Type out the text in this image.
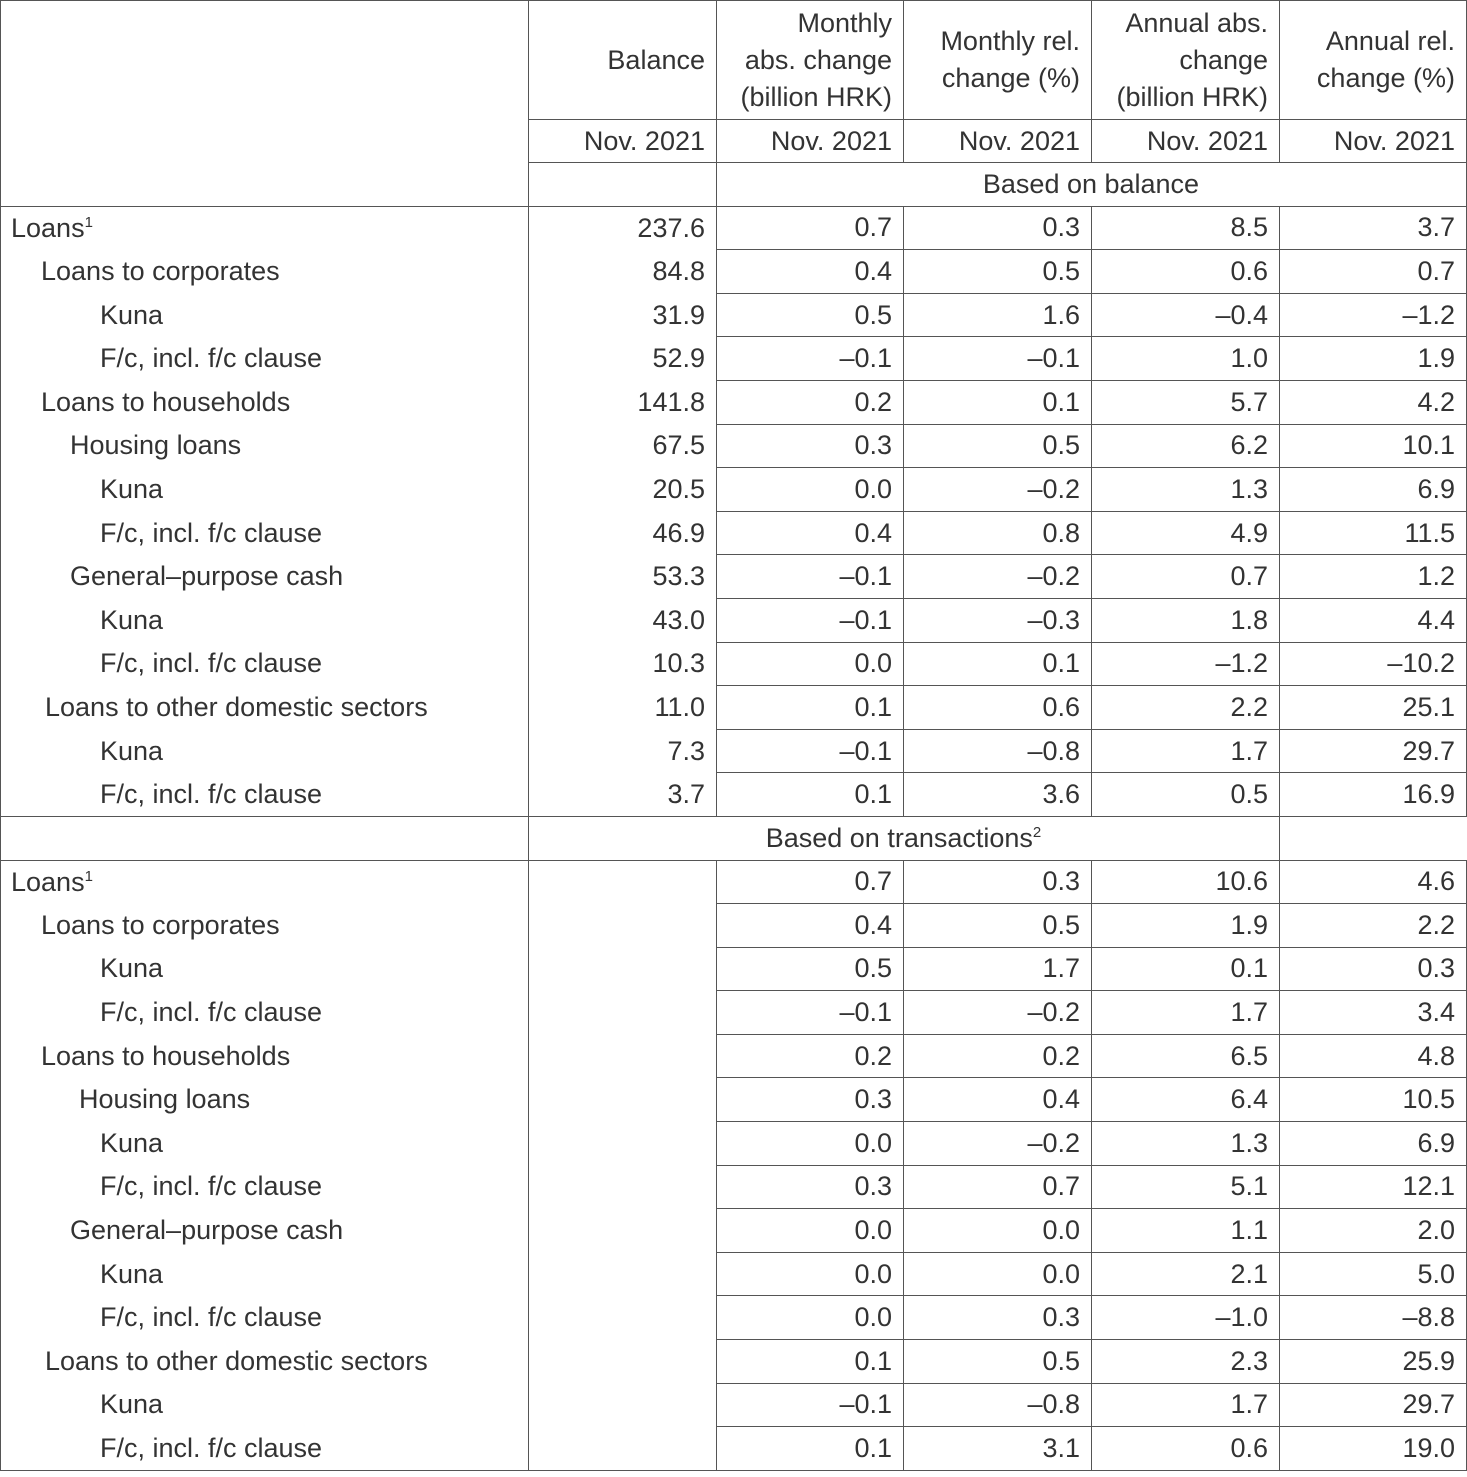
	Balance	Monthly
abs. change
(billion HRK)	Monthly rel.
change (%)	Annual abs.
change
(billion HRK)	Annual rel.
change (%)

	Nov. 2021	Nov. 2021	Nov. 2021	Nov. 2021	Nov. 2021
		Based on balance			
Loans$^1$	237.6	0.7	0.3	8.5	3.7
Loans to corporates	84.8	0.4	0.5	0.6	0.7
Kuna	31.9	0.5	1.6	–0.4	–1.2
F/c, incl. f/c clause	52.9	–0.1	–0.1	1.0	1.9
Loans to households	141.8	0.2	0.1	5.7	4.2
Housing loans	67.5	0.3	0.5	6.2	10.1
Kuna	20.5	0.0	–0.2	1.3	6.9
F/c, incl. f/c clause	46.9	0.4	0.8	4.9	11.5
General–purpose cash	53.3	–0.1	–0.2	0.7	1.2
Kuna	43.0	–0.1	–0.3	1.8	4.4
F/c, incl. f/c clause	10.3	0.0	0.1	–1.2	–10.2
Loans to other domestic sectors	11.0	0.1	0.6	2.2	25.1
Kuna	7.3	–0.1	–0.8	1.7	29.7
F/c, incl. f/c clause	3.7	0.1	3.6	0.5	16.9
	Based on transactions$^2$
Loans$^1$		0.7	0.3	10.6	4.6
Loans to corporates		0.4	0.5	1.9	2.2
Kuna		0.5	1.7	0.1	0.3
F/c, incl. f/c clause		–0.1	–0.2	1.7	3.4
Loans to households		0.2	0.2	6.5	4.8
Housing loans		0.3	0.4	6.4	10.5
Kuna		0.0	–0.2	1.3	6.9
F/c, incl. f/c clause		0.3	0.7	5.1	12.1
General–purpose cash		0.0	0.0	1.1	2.0
Kuna		0.0	0.0	2.1	5.0
F/c, incl. f/c clause		0.0	0.3	–1.0	–8.8
Loans to other domestic sectors		0.1	0.5	2.3	25.9
Kuna		–0.1	–0.8	1.7	29.7
F/c, incl. f/c clause		0.1	3.1	0.6	19.0
